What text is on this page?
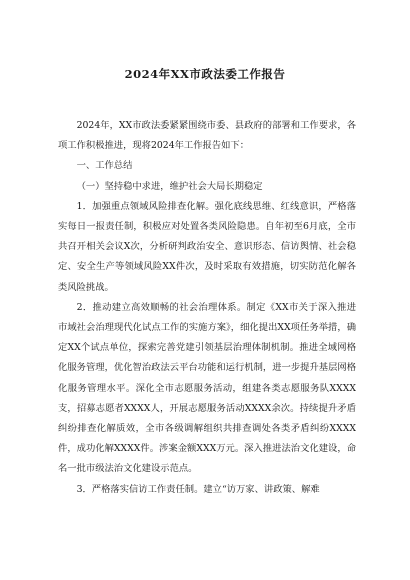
2024年XX市政法委工作报告

2024年，XX市政法委紧紧围绕市委、县政府的部署和工作要求，各项工作积极推进，现将2024年工作报告如下：

一、工作总结

（一）坚持稳中求进，维护社会大局长期稳定

1．加强重点领域风险排查化解。强化底线思维、红线意识，严格落实每日一报责任制，积极应对处置各类风险隐患。自年初至6月底，全市共召开相关会议X次，分析研判政治安全、意识形态、信访舆情、社会稳定、安全生产等领域风险XX件次，及时采取有效措施，切实防范化解各类风险挑战。

2．推动建立高效顺畅的社会治理体系。制定《XX市关于深入推进市域社会治理现代化试点工作的实施方案》，细化提出XX项任务举措，确定XX个试点单位，探索完善党建引领基层治理体制机制。推进全域网格化服务管理，优化智治政法云平台功能和运行机制，进一步提升基层网格化服务管理水平。深化全市志愿服务活动，组建各类志愿服务队XXXX支，招募志愿者XXXX人，开展志愿服务活动XXXX余次。持续提升矛盾纠纷排查化解质效，全市各级调解组织共排查调处各类矛盾纠纷XXXX件，成功化解XXXX件。涉案金额XXX万元。深入推进法治文化建设，命名一批市级法治文化建设示范点。

3．严格落实信访工作责任制。建立“访万家、讲政策、解难
